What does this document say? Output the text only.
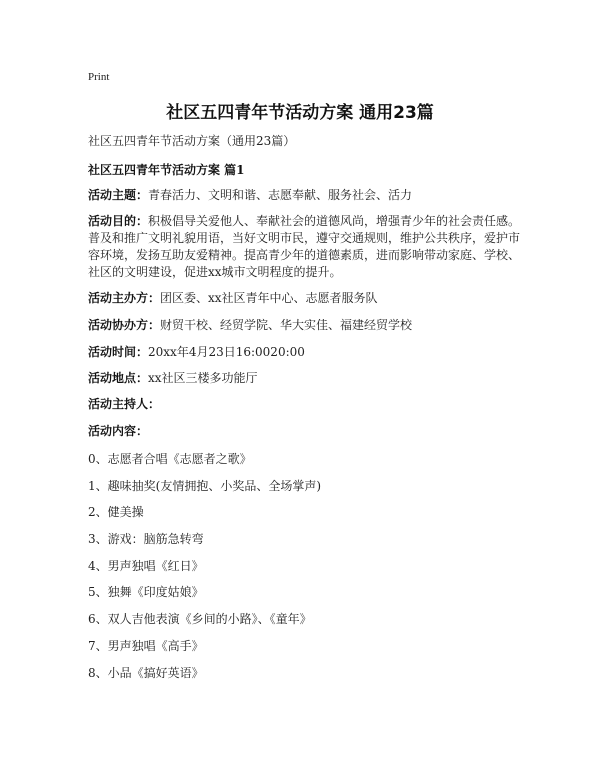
Print
社区五四青年节活动方案 通用23篇
社区五四青年节活动方案（通用23篇）
社区五四青年节活动方案 篇1
活动主题：青春活力、文明和谐、志愿奉献、服务社会、活力
活动目的：积极倡导关爱他人、奉献社会的道德风尚，增强青少年的社会责任感。普及和推广文明礼貌用语，当好文明市民，遵守交通规则，维护公共秩序，爱护市容环境，发扬互助友爱精神。提高青少年的道德素质，进而影响带动家庭、学校、社区的文明建设，促进xx城市文明程度的提升。
活动主办方：团区委、xx社区青年中心、志愿者服务队
活动协办方：财贸干校、经贸学院、华大实佳、福建经贸学校
活动时间：20xx年4月23日16:0020:00
活动地点：xx社区三楼多功能厅
活动主持人：
活动内容：
0、志愿者合唱《志愿者之歌》
1、趣味抽奖(友情拥抱、小奖品、全场掌声)
2、健美操
3、游戏：脑筋急转弯
4、男声独唱《红日》
5、独舞《印度姑娘》
6、双人吉他表演《乡间的小路》、《童年》
7、男声独唱《高手》
8、小品《搞好英语》
